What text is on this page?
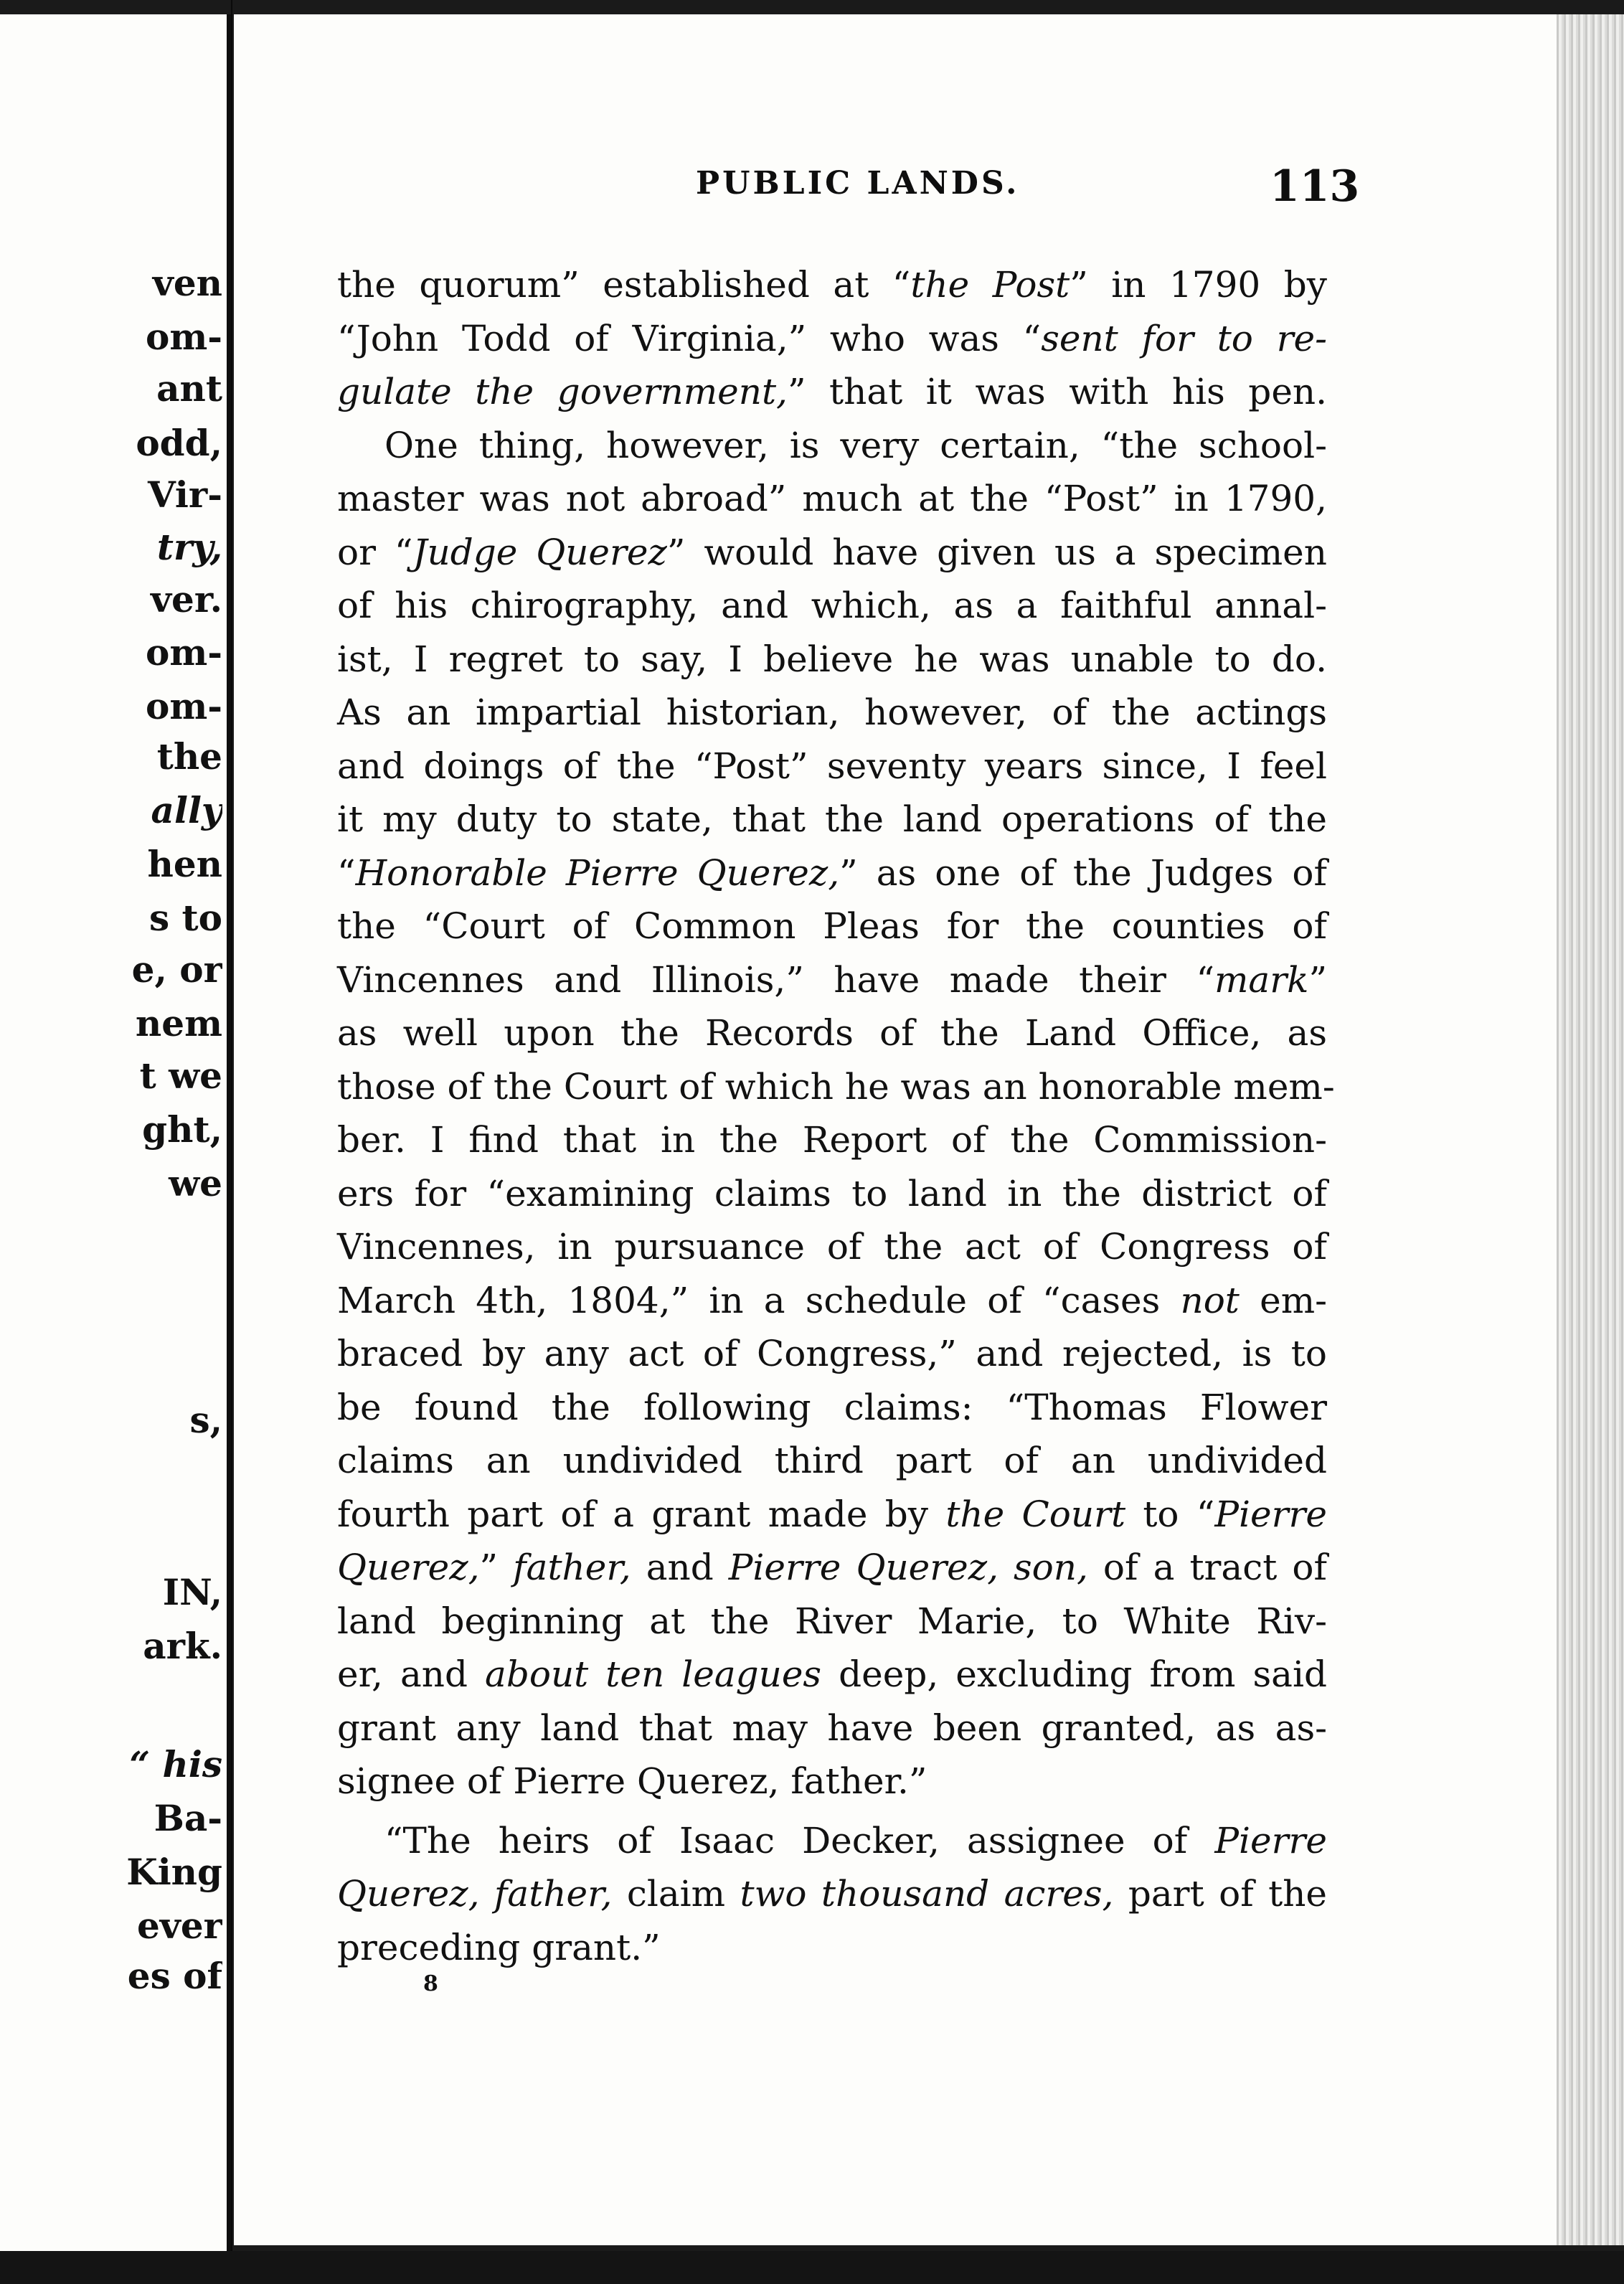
ven
om-
ant
odd,
Vir-
try,
ver.
om-
om-
the
ally
hen
s to
e, or
nem
t we
ght,
we
s,
IN,
ark.
“ his
Ba-
King
ever
es of
PUBLIC LANDS.	113
the quorum” established at “the Post” in 1790 by
“John Todd of Virginia,” who was “sent for to re-
gulate the government,” that it was with his pen.
One thing, however, is very certain, “the school-
master was not abroad” much at the “Post” in 1790,
or “Judge Querez” would have given us a specimen
of his chirography, and which, as a faithful annal-
ist, I regret to say, I believe he was unable to do.
As an impartial historian, however, of the actings
and doings of the “Post” seventy years since, I feel
it my duty to state, that the land operations of the
“Honorable Pierre Querez,” as one of the Judges of
the “Court of Common Pleas for the counties of
Vincennes and Illinois,” have made their “mark”
as well upon the Records of the Land Office, as
those of the Court of which he was an honorable mem-
ber. I find that in the Report of the Commission-
ers for “examining claims to land in the district of
Vincennes, in pursuance of the act of Congress of
March 4th, 1804,” in a schedule of “cases not em-
braced by any act of Congress,” and rejected, is to
be found the following claims: “Thomas Flower
claims an undivided third part of an undivided
fourth part of a grant made by the Court to “Pierre
Querez,” father, and Pierre Querez, son, of a tract of
land beginning at the River Marie, to White Riv-
er, and about ten leagues deep, excluding from said
grant any land that may have been granted, as as-
signee of Pierre Querez, father.”
“The heirs of Isaac Decker, assignee of Pierre
Querez, father, claim two thousand acres, part of the
preceding grant.”
8
